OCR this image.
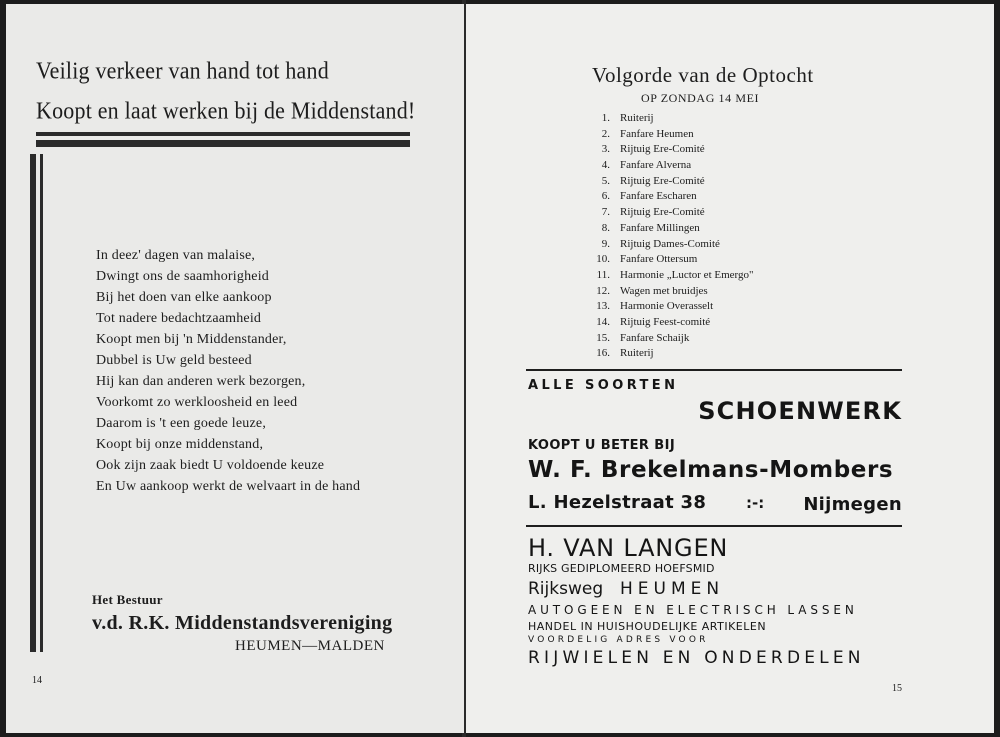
Veilig verkeer van hand tot hand
Koopt en laat werken bij de Middenstand!
In deez' dagen van malaise,
Dwingt ons de saamhorigheid
Bij het doen van elke aankoop
Tot nadere bedachtzaamheid
Koopt men bij 'n Middenstander,
Dubbel is Uw geld besteed
Hij kan dan anderen werk bezorgen,
Voorkomt zo werkloosheid en leed
Daarom is 't een goede leuze,
Koopt bij onze middenstand,
Ook zijn zaak biedt U voldoende keuze
En Uw aankoop werkt de welvaart in de hand
Het Bestuur
v.d. R.K. Middenstandsvereniging
HEUMEN—MALDEN
14
Volgorde van de Optocht
OP ZONDAG 14 MEI
1. Ruiterij
2. Fanfare Heumen
3. Rijtuig Ere-Comité
4. Fanfare Alverna
5. Rijtuig Ere-Comité
6. Fanfare Escharen
7. Rijtuig Ere-Comité
8. Fanfare Millingen
9. Rijtuig Dames-Comité
10. Fanfare Ottersum
11. Harmonie „Luctor et Emergo"
12. Wagen met bruidjes
13. Harmonie Overasselt
14. Rijtuig Feest-comité
15. Fanfare Schaijk
16. Ruiterij
ALLE SOORTEN
SCHOENWERK
KOOPT U BETER BIJ
W. F. Brekelmans-Mombers
L. Hezelstraat 38	:-: Nijmegen
H. VAN LANGEN
RIJKS GEDIPLOMEERD HOEFSMID
Rijksweg HEUMEN
AUTOGEEN EN ELECTRISCH LASSEN
HANDEL IN HUISHOUDELIJKE ARTIKELEN
VOORDELIG ADRES VOOR
RIJWIELEN EN ONDERDELEN
15
